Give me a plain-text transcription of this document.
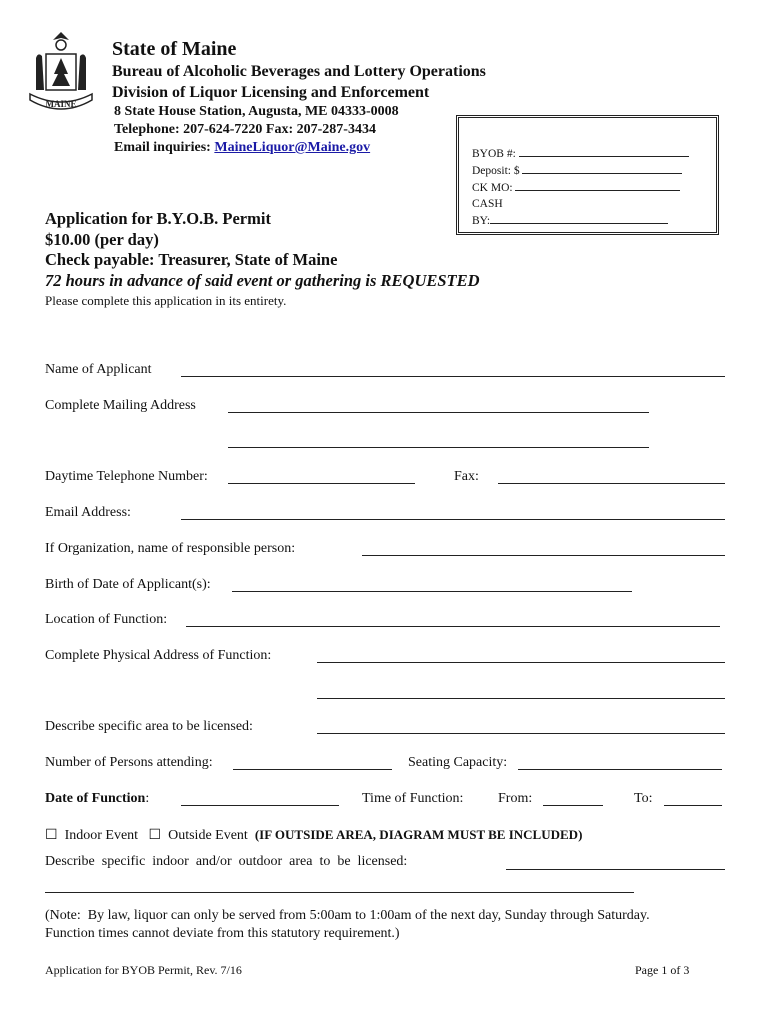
MAINE
State of Maine
Bureau of Alcoholic Beverages and Lottery Operations
Division of Liquor Licensing and Enforcement
8 State House Station, Augusta, ME 04333-0008
Telephone: 207-624-7220 Fax: 207-287-3434
Email inquiries: MaineLiquor@Maine.gov	BYOB #:
Deposit: $
CK MO:
CASH
BY:
Application for B.Y.O.B. Permit
$10.00 (per day)
Check payable: Treasurer, State of Maine
72 hours in advance of said event or gathering is REQUESTED
Please complete this application in its entirety.
Name of Applicant
Complete Mailing Address
Daytime Telephone Number:	Fax:
Email Address:
If Organization, name of responsible person:
Birth of Date of Applicant(s):
Location of Function:
Complete Physical Address of Function:
Describe specific area to be licensed:
Number of Persons attending:	Seating Capacity:
Date of Function:	Time of Function: From:	To:
☐ Indoor Event ☐ Outside Event (IF OUTSIDE AREA, DIAGRAM MUST BE INCLUDED)
Describe  specific  indoor  and/or  outdoor  area  to  be  licensed:
(Note:  By law, liquor can only be served from 5:00am to 1:00am of the next day, Sunday through Saturday.
Function times cannot deviate from this statutory requirement.)
Application for BYOB Permit, Rev. 7/16	Page 1 of 3
